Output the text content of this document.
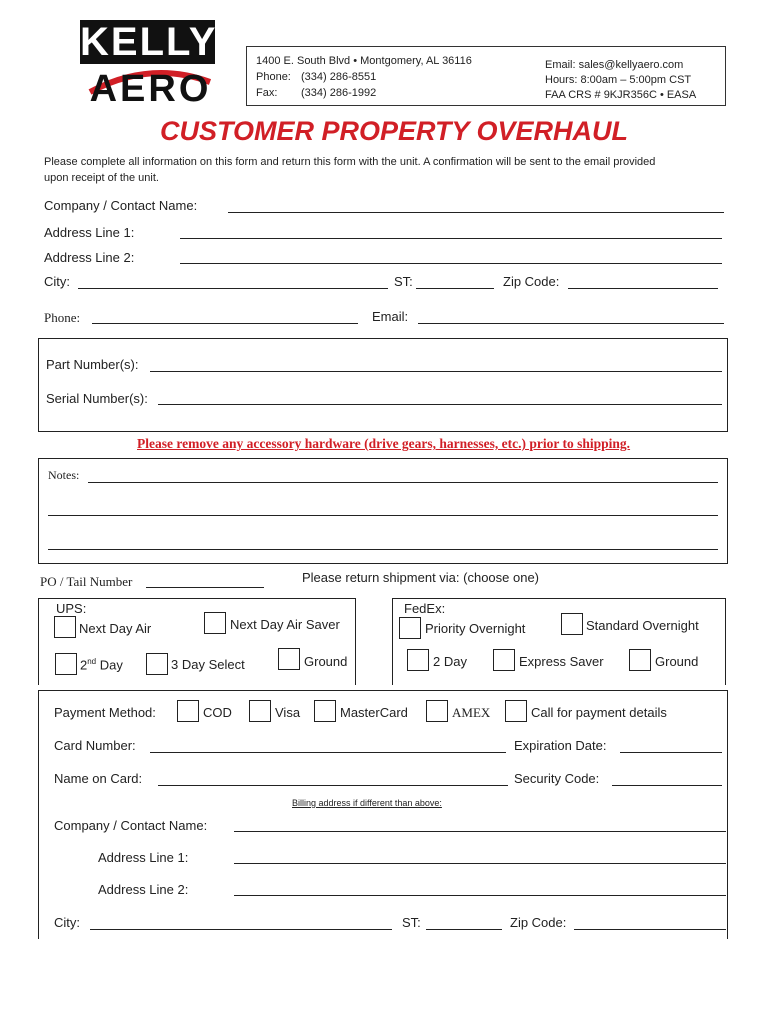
KELLY
AERO
1400 E. South Blvd • Montgomery, AL 36116
Phone: (334) 286-8551
Fax: (334) 286-1992
Email: sales@kellyaero.com
Hours: 8:00am – 5:00pm CST
FAA CRS # 9KJR356C • EASA
CUSTOMER PROPERTY OVERHAUL
Please complete all information on this form and return this form with the unit. A confirmation will be sent to the email provided
upon receipt of the unit.
Company / Contact Name:
Address Line 1:
Address Line 2:
City:	ST:	Zip Code:
Phone:	Email:
Part Number(s):
Serial Number(s):
Please remove any accessory hardware (drive gears, harnesses, etc.) prior to shipping.
Notes:
PO / Tail Number	Please return shipment via: (choose one)
UPS:
Next Day Air	Next Day Air Saver
2nd Day	3 Day Select	Ground
FedEx:
Priority Overnight	Standard Overnight
2 Day	Express Saver	Ground
Payment Method:	COD	Visa	MasterCard	AMEX	Call for payment details
Card Number:	Expiration Date:
Name on Card:	Security Code:
Billing address if different than above:
Company / Contact Name:
Address Line 1:
Address Line 2:
City:	ST:	Zip Code:
